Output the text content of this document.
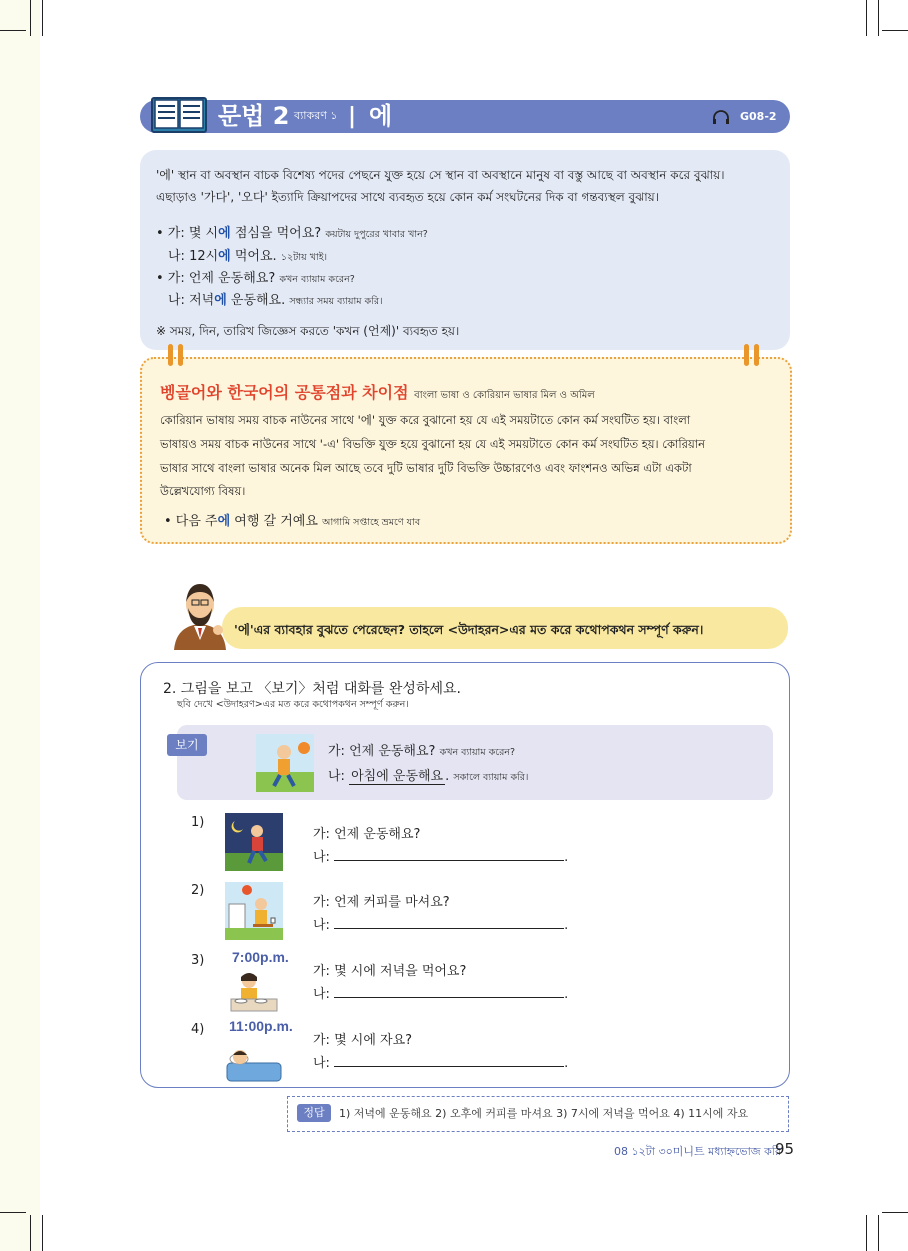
문법 2 ব্যাকরণ ১ | 에	G08-2
'에' স্থান বা অবস্থান বাচক বিশেষ্য পদের পেছনে যুক্ত হয়ে সে স্থান বা অবস্থানে মানুষ বা বস্তু আছে বা অবস্থান করে বুঝায়।
এছাড়াও '가다', '오다' ইত্যাদি ক্রিয়াপদের সাথে ব্যবহৃত হয়ে কোন কর্ম সংঘটনের দিক বা গন্তব্যস্থল বুঝায়।
• 가: 몇 시에 점심을 먹어요? কয়টায় দুপুরের খাবার খান?
나: 12시에 먹어요. ১২টায় খাই।
• 가: 언제 운동해요? কখন ব্যায়াম করেন?
나: 저녁에 운동해요. সন্ধ্যার সময় ব্যায়াম করি।
※ সময়, দিন, তারিখ জিজ্ঞেস করতে 'কখন (언제)' ব্যবহৃত হয়।
벵골어와 한국어의 공통점과 차이점 বাংলা ভাষা ও কোরিয়ান ভাষার মিল ও অমিল
কোরিয়ান ভাষায় সময় বাচক নাউনের সাথে '에' যুক্ত করে বুঝানো হয় যে এই সময়টাতে কোন কর্ম সংঘটিত হয়। বাংলা
ভাষায়ও সময় বাচক নাউনের সাথে '-এ' বিভক্তি যুক্ত হয়ে বুঝানো হয় যে এই সময়টাতে কোন কর্ম সংঘটিত হয়। কোরিয়ান
ভাষার সাথে বাংলা ভাষার অনেক মিল আছে তবে দুটি ভাষার দুটি বিভক্তি উচ্চারণেও এবং ফাংশনও অভিন্ন এটা একটা
উল্লেখযোগ্য বিষয়।
• 다음 주에 여행 갈 거예요 আগামি সপ্তাহে ভ্রমণে যাব
'에'এর ব্যাবহার বুঝতে পেরেছেন? তাহলে <উদাহরন>এর মত করে কথোপকথন সম্পূর্ণ করুন।
2. 그림을 보고 〈보기〉처럼 대화를 완성하세요.
ছবি দেখে <উদাহরণ>এর মত করে কথোপকথন সম্পূর্ণ করুন।
보기	가: 언제 운동해요? কখন ব্যায়াম করেন?
나: 아침에 운동해요 . সকালে ব্যায়াম করি।
1)
가: 언제 운동해요?
나:	.
2)
가: 언제 커피를 마셔요?
나:	.
3) 7:00p.m.
가: 몇 시에 저녁을 먹어요?
나:	.
4) 11:00p.m.
가: 몇 시에 자요?
나:	.
정답	1) 저녁에 운동해요 2) 오후에 커피를 마셔요 3) 7시에 저녁을 먹어요 4) 11시에 자요
08 ১২টা ৩০미니트 মধ্যাহ্নভোজ করি
95
